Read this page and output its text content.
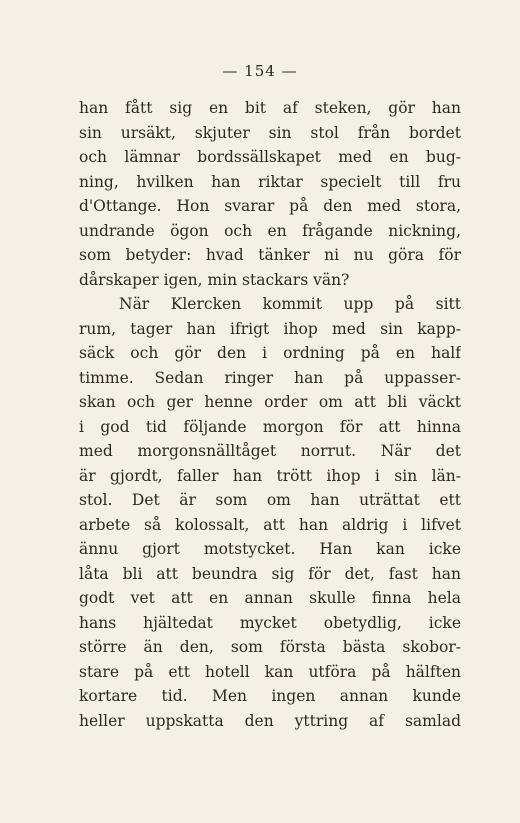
— 154 —
han fått sig en bit af steken, gör han
sin ursäkt, skjuter sin stol från bordet
och lämnar bordssällskapet med en bug-
ning, hvilken han riktar specielt till fru
d'Ottange. Hon svarar på den med stora,
undrande ögon och en frågande nickning,
som betyder: hvad tänker ni nu göra för
dårskaper igen, min stackars vän?
När Klercken kommit upp på sitt
rum, tager han ifrigt ihop med sin kapp-
säck och gör den i ordning på en half
timme. Sedan ringer han på uppasser-
skan och ger henne order om att bli väckt
i god tid följande morgon för att hinna
med morgonsnälltåget norrut. När det
är gjordt, faller han trött ihop i sin län-
stol. Det är som om han uträttat ett
arbete så kolossalt, att han aldrig i lifvet
ännu gjort motstycket. Han kan icke
låta bli att beundra sig för det, fast han
godt vet att en annan skulle finna hela
hans hjältedat mycket obetydlig, icke
större än den, som första bästa skobor-
stare på ett hotell kan utföra på hälften
kortare tid. Men ingen annan kunde
heller uppskatta den yttring af samlad
